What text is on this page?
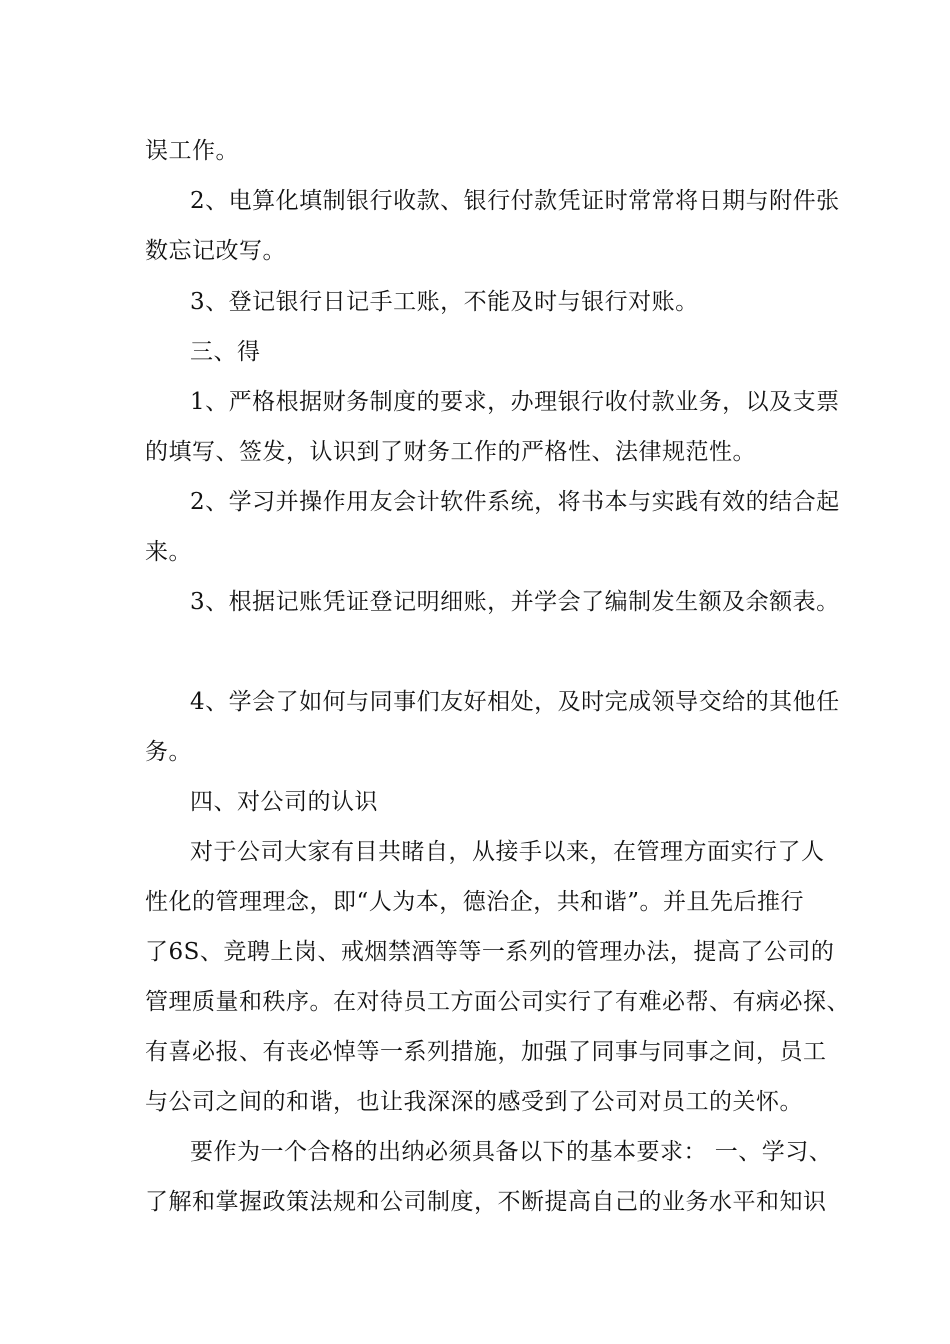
误工作。
2、电算化填制银行收款、银行付款凭证时常常将日期与附件张
数忘记改写。
3、登记银行日记手工账，不能及时与银行对账。
三、得
1、严格根据财务制度的要求，办理银行收付款业务，以及支票
的填写、签发，认识到了财务工作的严格性、法律规范性。
2、学习并操作用友会计软件系统，将书本与实践有效的结合起
来。
3、根据记账凭证登记明细账，并学会了编制发生额及余额表。
4、学会了如何与同事们友好相处，及时完成领导交给的其他任
务。
四、对公司的认识
对于公司大家有目共睹自，从接手以来，在管理方面实行了人
性化的管理理念，即“人为本，德治企，共和谐”。并且先后推行
了6S、竞聘上岗、戒烟禁酒等等一系列的管理办法，提高了公司的
管理质量和秩序。在对待员工方面公司实行了有难必帮、有病必探、
有喜必报、有丧必悼等一系列措施，加强了同事与同事之间，员工
与公司之间的和谐，也让我深深的感受到了公司对员工的关怀。
要作为一个合格的出纳必须具备以下的基本要求： 一、学习、
了解和掌握政策法规和公司制度，不断提高自己的业务水平和知识
